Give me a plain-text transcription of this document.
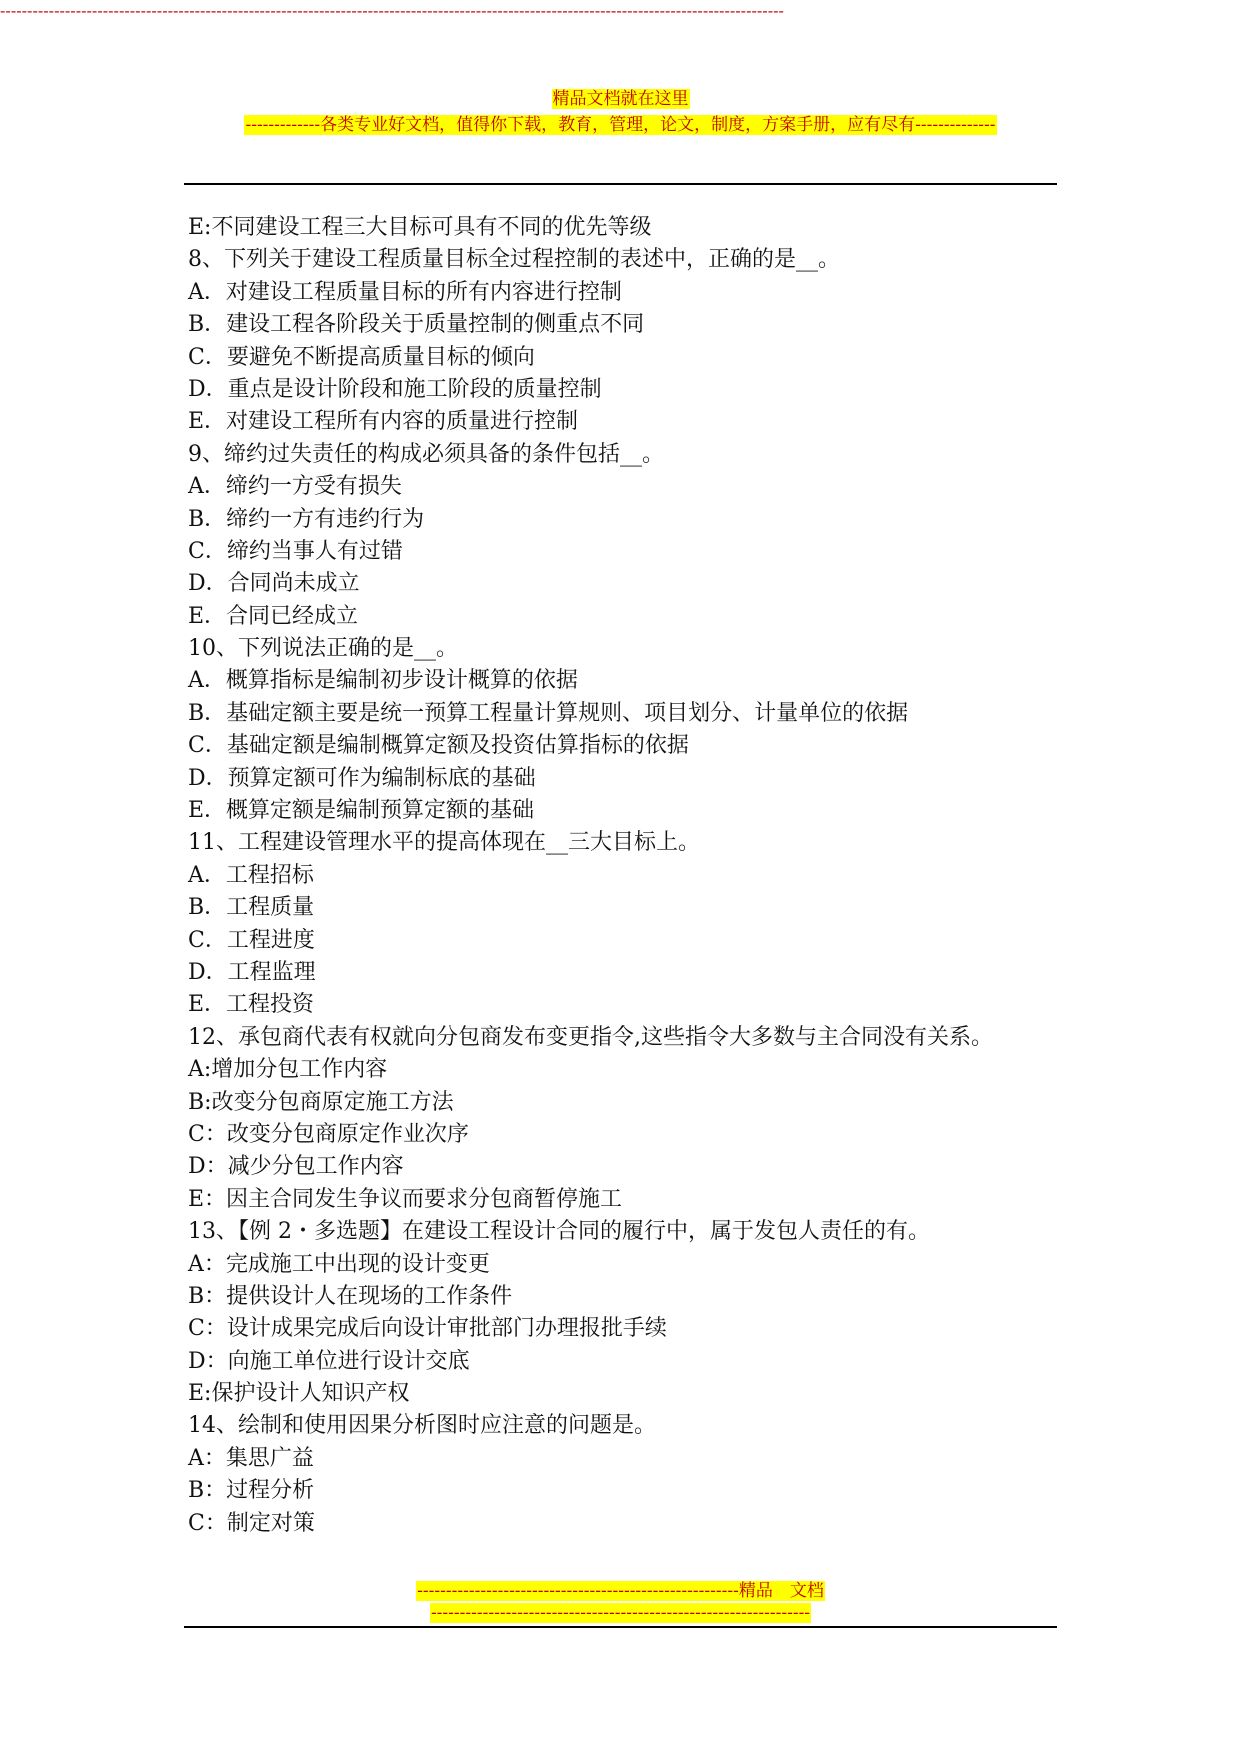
精品文档就在这里
-------------各类专业好文档，值得你下载，教育，管理，论文，制度，方案手册，应有尽有--------------
-------------------------------------------------------------------------------------------------------------------------------------------------
E:不同建设工程三大目标可具有不同的优先等级
8、下列关于建设工程质量目标全过程控制的表述中，正确的是__。
A．对建设工程质量目标的所有内容进行控制
B．建设工程各阶段关于质量控制的侧重点不同
C．要避免不断提高质量目标的倾向
D．重点是设计阶段和施工阶段的质量控制
E．对建设工程所有内容的质量进行控制
9、缔约过失责任的构成必须具备的条件包括__。
A．缔约一方受有损失
B．缔约一方有违约行为
C．缔约当事人有过错
D．合同尚未成立
E．合同已经成立
10、下列说法正确的是__。
A．概算指标是编制初步设计概算的依据
B．基础定额主要是统一预算工程量计算规则、项目划分、计量单位的依据
C．基础定额是编制概算定额及投资估算指标的依据
D．预算定额可作为编制标底的基础
E．概算定额是编制预算定额的基础
11、工程建设管理水平的提高体现在__三大目标上。
A．工程招标
B．工程质量
C．工程进度
D．工程监理
E．工程投资
12、承包商代表有权就向分包商发布变更指令,这些指令大多数与主合同没有关系。
A:增加分包工作内容
B:改变分包商原定施工方法
C：改变分包商原定作业次序
D：减少分包工作内容
E：因主合同发生争议而要求分包商暂停施工
13、【例 2・多选题】在建设工程设计合同的履行中，属于发包人责任的有。
A：完成施工中出现的设计变更
B：提供设计人在现场的工作条件
C：设计成果完成后向设计审批部门办理报批手续
D：向施工单位进行设计交底
E:保护设计人知识产权
14、绘制和使用因果分析图时应注意的问题是。
A：集思广益
B：过程分析
C：制定对策
--------------------------------------------------------精品　文档
------------------------------------------------------------------
